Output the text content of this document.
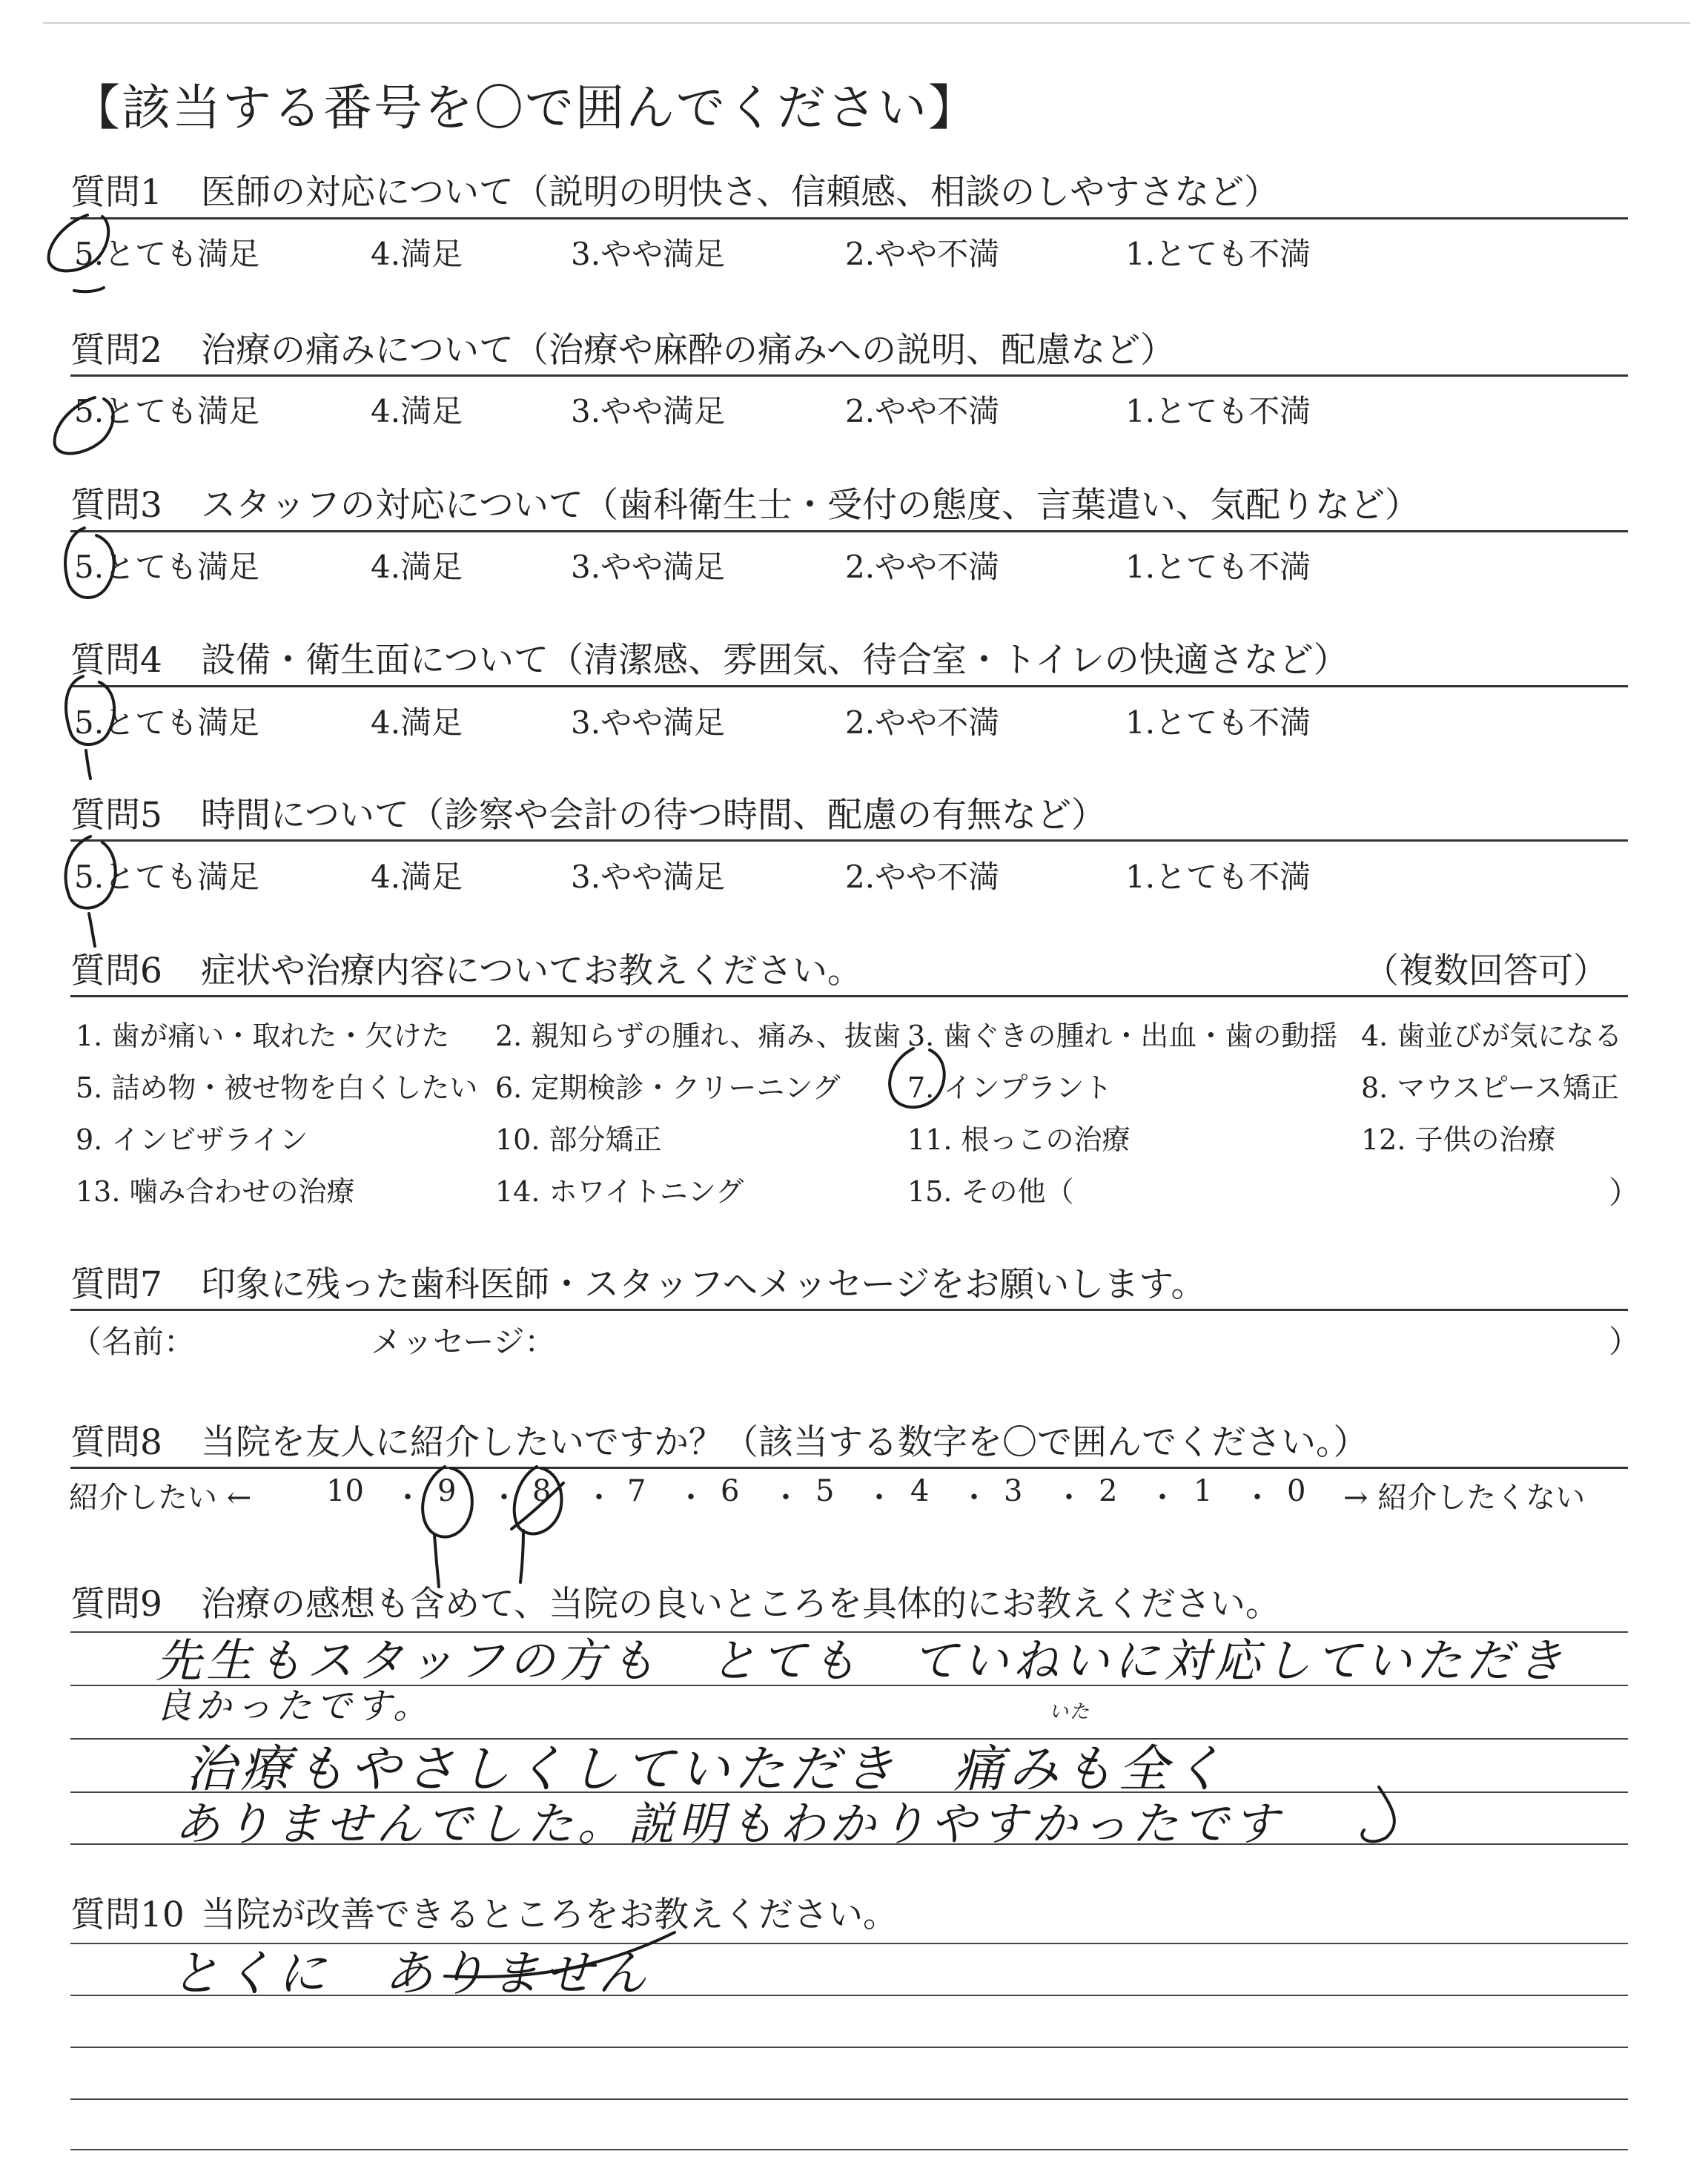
【該当する番号を〇で囲んでください】
質問1 医師の対応について（説明の明快さ、信頼感、相談のしやすさなど）
5.とても満足	4.満足	3.やや満足	2.やや不満	1.とても不満
質問2 治療の痛みについて（治療や麻酔の痛みへの説明、配慮など）
5.とても満足	4.満足	3.やや満足	2.やや不満	1.とても不満
質問3 スタッフの対応について（歯科衛生士・受付の態度、言葉遣い、気配りなど）
5.とても満足	4.満足	3.やや満足	2.やや不満	1.とても不満
質問4 設備・衛生面について（清潔感、雰囲気、待合室・トイレの快適さなど）
5.とても満足	4.満足	3.やや満足	2.やや不満	1.とても不満
質問5 時間について（診察や会計の待つ時間、配慮の有無など）
5.とても満足	4.満足	3.やや満足	2.やや不満	1.とても不満
質問6 症状や治療内容についてお教えください。	（複数回答可）
1. 歯が痛い・取れた・欠けた 2. 親知らずの腫れ、痛み、抜歯 3. 歯ぐきの腫れ・出血・歯の動揺 4. 歯並びが気になる
5. 詰め物・被せ物を白くしたい 6. 定期検診・クリーニング 7. インプラント	8. マウスピース矯正
9. インビザライン	10. 部分矯正	11. 根っこの治療	12. 子供の治療
13. 噛み合わせの治療	14. ホワイトニング	15. その他（	）
質問7 印象に残った歯科医師・スタッフへメッセージをお願いします。
（名前：	メッセージ：	）
質問8 当院を友人に紹介したいですか？（該当する数字を〇で囲んでください。）
紹介したい ←	10 ・ 9 ・ 8 ・ 7 ・ 6 ・ 5 ・ 4 ・ 3 ・ 2 ・ 1 ・ 0 → 紹介したくない
質問9 治療の感想も含めて、当院の良いところを具体的にお教えください。
先生もスタッフの方も　とても　ていねいに対応していただき
良かったです。	いた
治療もやさしくしていただき　痛みも全く
ありませんでした。説明もわかりやすかったです
質問10 当院が改善できるところをお教えください。
とくに　ありません
